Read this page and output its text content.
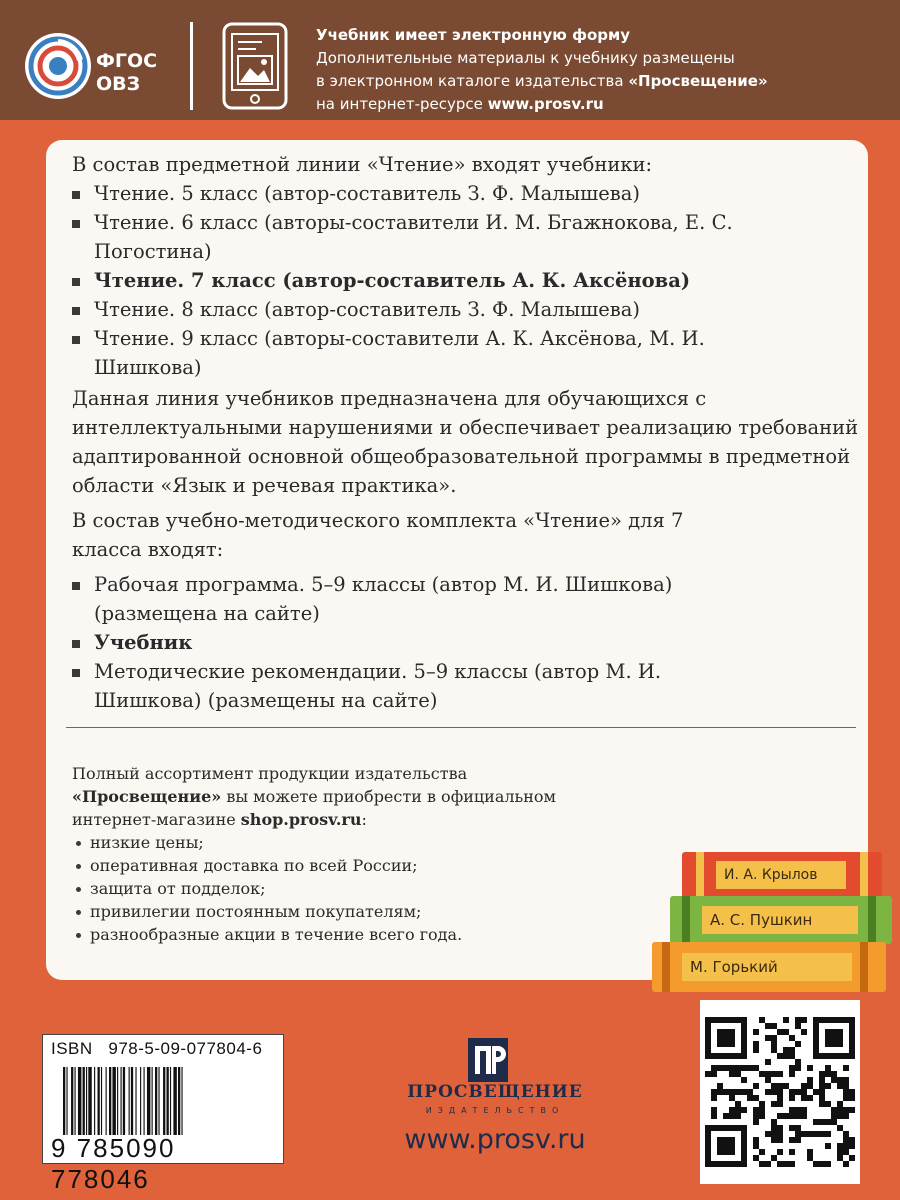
ФГОС
ОВЗ
Учебник имеет электронную форму
Дополнительные материалы к учебнику размещены
в электронном каталоге издательства «Просвещение»
на интернет-ресурсе www.prosv.ru
В состав предметной линии «Чтение» входят учебники:
Чтение. 5 класс (автор-составитель З. Ф. Малышева)
Чтение. 6 класс (авторы-составители И. М. Бгажнокова, Е. С. Погостина)
Чтение. 7 класс (автор-составитель А. К. Аксёнова)
Чтение. 8 класс (автор-составитель З. Ф. Малышева)
Чтение. 9 класс (авторы-составители А. К. Аксёнова, М. И. Шишкова)
Данная линия учебников предназначена для обучающихся с интеллектуальными нарушениями и обеспечивает реализацию требований адаптированной основной общеобразовательной программы в предметной области «Язык и речевая практика».
В состав учебно-методического комплекта «Чтение» для 7 класса входят:
Рабочая программа. 5–9 классы (автор М. И. Шишкова) (размещена на сайте)
Учебник
Методические рекомендации. 5–9 классы (автор М. И. Шишкова) (размещены на сайте)
Полный ассортимент продукции издательства
«Просвещение» вы можете приобрести в официальном
интернет-магазине shop.prosv.ru:
низкие цены;
оперативная доставка по всей России;
защита от подделок;
привилегии постоянным покупателям;
разнообразные акции в течение всего года.
И. А. Крылов
А. С. Пушкин
М. Горький
ISBN 978-5-09-077804-6
9 785090 778046
ПРОСВЕЩЕНИЕ
ИЗДАТЕЛЬСТВО
www.prosv.ru
